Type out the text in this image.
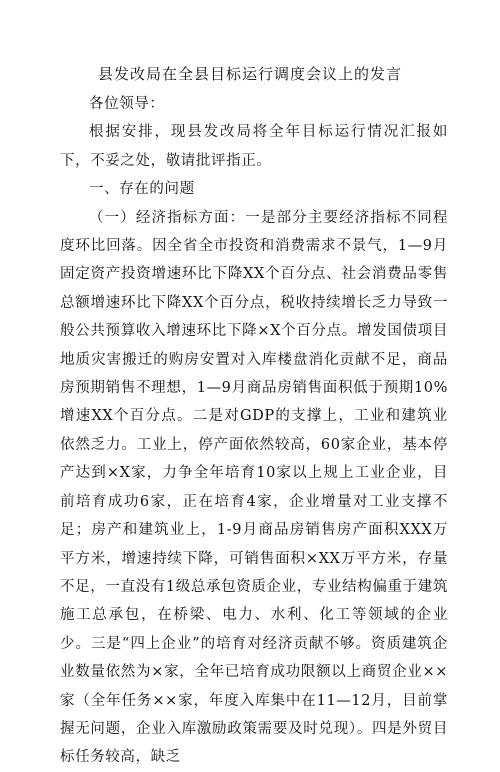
县发改局在全县目标运行调度会议上的发言

各位领导：

根据安排，现县发改局将全年目标运行情况汇报如下，不妥之处，敬请批评指正。

一、存在的问题

（一）经济指标方面：一是部分主要经济指标不同程度环比回落。因全省全市投资和消费需求不景气，1—9月固定资产投资增速环比下降XX个百分点、社会消费品零售总额增速环比下降XX个百分点，税收持续增长乏力导致一般公共预算收入增速环比下降×X个百分点。增发国债项目地质灾害搬迁的购房安置对入库楼盘消化贡献不足，商品房预期销售不理想，1—9月商品房销售面积低于预期10%增速XX个百分点。二是对GDP的支撑上，工业和建筑业依然乏力。工业上，停产面依然较高，60家企业，基本停产达到×X家，力争全年培育10家以上规上工业企业，目前培育成功6家，正在培育4家，企业增量对工业支撑不足；房产和建筑业上，1-9月商品房销售房产面积XXX万平方米，增速持续下降，可销售面积×XX万平方米，存量不足，一直没有1级总承包资质企业，专业结构偏重于建筑施工总承包，在桥梁、电力、水利、化工等领域的企业少。三是“四上企业”的培育对经济贡献不够。资质建筑企业数量依然为×家，全年已培育成功限额以上商贸企业××家（全年任务××家，年度入库集中在11—12月，目前掌握无问题，企业入库激励政策需要及时兑现）。四是外贸目标任务较高，缺乏
